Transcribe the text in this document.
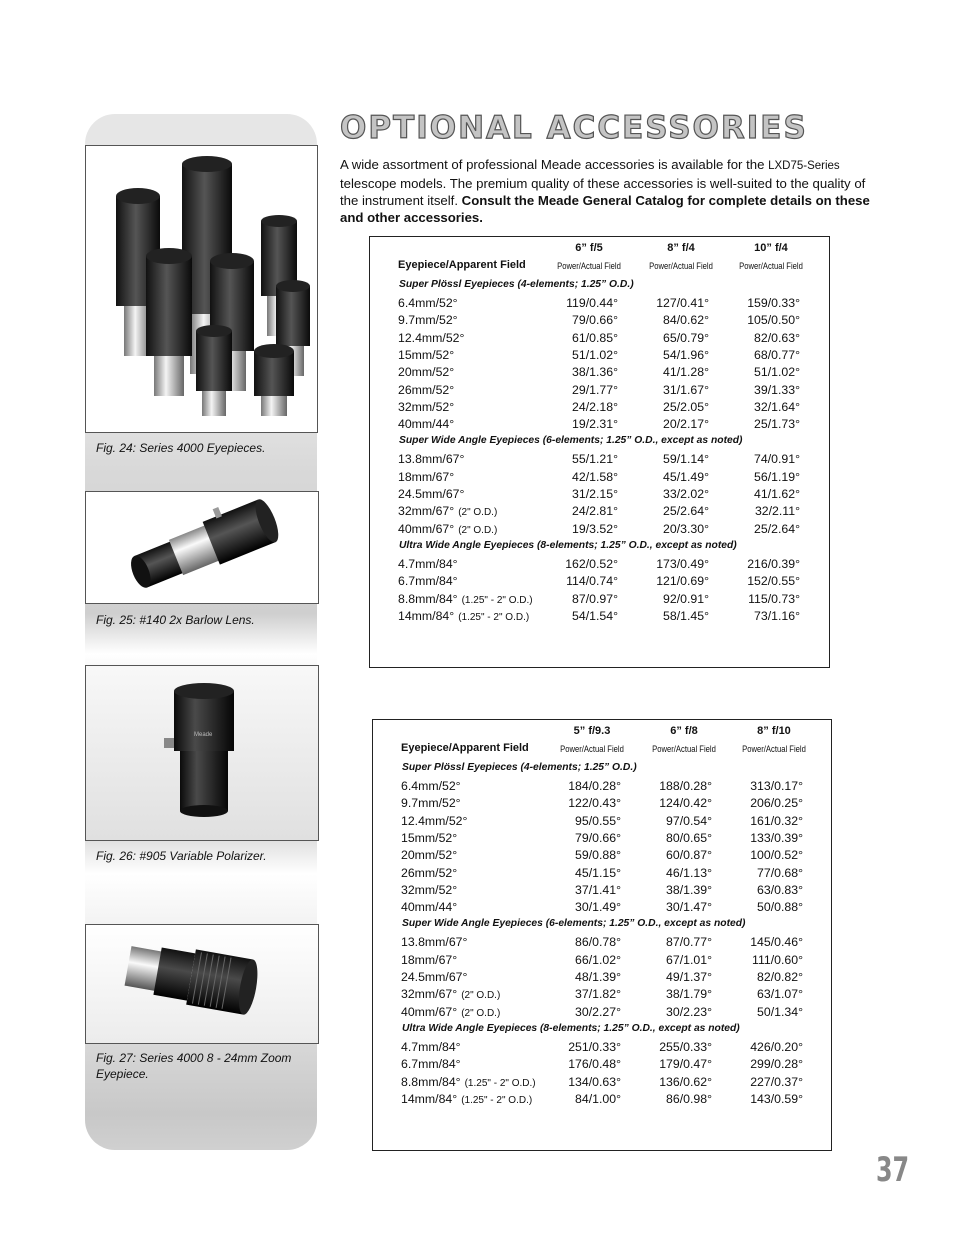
Fig. 24: Series 4000 Eyepieces.
Fig. 25: #140 2x Barlow Lens.
Meade
Fig. 26: #905 Variable Polarizer.
Fig. 27: Series 4000 8 - 24mm Zoom Eyepiece.
OPTIONAL ACCESSORIES
A wide assortment of professional Meade accessories is available for the LXD75-Series telescope models. The premium quality of these accessories is well-suited to the quality of the instrument itself. Consult the Meade General Catalog for complete details on these and other accessories.
Eyepiece/Apparent Field
6” f/5
Power/Actual Field
8” f/4
Power/Actual Field
10” f/4
Power/Actual Field
Super Plössl Eyepieces (4-elements; 1.25” O.D.)
6.4mm/52°	119/0.44°	127/0.41°	159/0.33°
9.7mm/52°	79/0.66°	84/0.62°	105/0.50°
12.4mm/52°	61/0.85°	65/0.79°	82/0.63°
15mm/52°	51/1.02°	54/1.96°	68/0.77°
20mm/52°	38/1.36°	41/1.28°	51/1.02°
26mm/52°	29/1.77°	31/1.67°	39/1.33°
32mm/52°	24/2.18°	25/2.05°	32/1.64°
40mm/44°	19/2.31°	20/2.17°	25/1.73°
Super Wide Angle Eyepieces (6-elements; 1.25” O.D., except as noted)
13.8mm/67°	55/1.21°	59/1.14°	74/0.91°
18mm/67°	42/1.58°	45/1.49°	56/1.19°
24.5mm/67°	31/2.15°	33/2.02°	41/1.62°
32mm/67° (2" O.D.)	24/2.81°	25/2.64°	32/2.11°
40mm/67° (2" O.D.)	19/3.52°	20/3.30°	25/2.64°
Ultra Wide Angle Eyepieces (8-elements; 1.25” O.D., except as noted)
4.7mm/84°	162/0.52°	173/0.49°	216/0.39°
6.7mm/84°	114/0.74°	121/0.69°	152/0.55°
8.8mm/84° (1.25" - 2" O.D.)	87/0.97°	92/0.91°	115/0.73°
14mm/84° (1.25" - 2" O.D.)	54/1.54°	58/1.45°	73/1.16°
Eyepiece/Apparent Field
5” f/9.3
Power/Actual Field
6” f/8
Power/Actual Field
8” f/10
Power/Actual Field
Super Plössl Eyepieces (4-elements; 1.25” O.D.)
6.4mm/52°	184/0.28°	188/0.28°	313/0.17°
9.7mm/52°	122/0.43°	124/0.42°	206/0.25°
12.4mm/52°	95/0.55°	97/0.54°	161/0.32°
15mm/52°	79/0.66°	80/0.65°	133/0.39°
20mm/52°	59/0.88°	60/0.87°	100/0.52°
26mm/52°	45/1.15°	46/1.13°	77/0.68°
32mm/52°	37/1.41°	38/1.39°	63/0.83°
40mm/44°	30/1.49°	30/1.47°	50/0.88°
Super Wide Angle Eyepieces (6-elements; 1.25” O.D., except as noted)
13.8mm/67°	86/0.78°	87/0.77°	145/0.46°
18mm/67°	66/1.02°	67/1.01°	111/0.60°
24.5mm/67°	48/1.39°	49/1.37°	82/0.82°
32mm/67° (2" O.D.)	37/1.82°	38/1.79°	63/1.07°
40mm/67° (2" O.D.)	30/2.27°	30/2.23°	50/1.34°
Ultra Wide Angle Eyepieces (8-elements; 1.25” O.D., except as noted)
4.7mm/84°	251/0.33°	255/0.33°	426/0.20°
6.7mm/84°	176/0.48°	179/0.47°	299/0.28°
8.8mm/84° (1.25" - 2" O.D.)	134/0.63°	136/0.62°	227/0.37°
14mm/84° (1.25" - 2" O.D.)	84/1.00°	86/0.98°	143/0.59°
37
